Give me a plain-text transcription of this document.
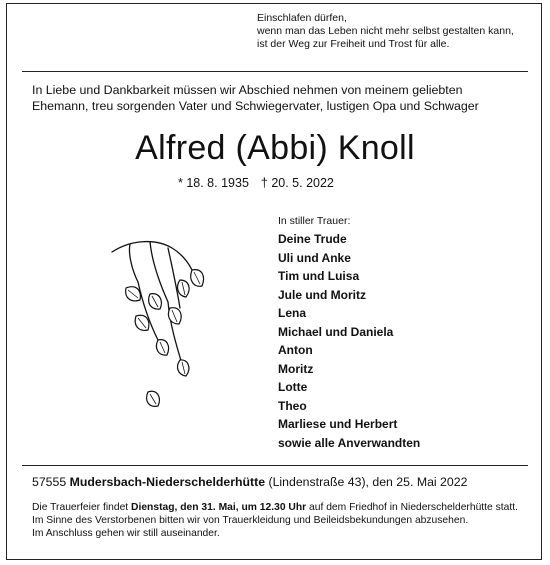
Einschlafen dürfen,
wenn man das Leben nicht mehr selbst gestalten kann,
ist der Weg zur Freiheit und Trost für alle.
In Liebe und Dankbarkeit müssen wir Abschied nehmen von meinem geliebten
Ehemann, treu sorgenden Vater und Schwiegervater, lustigen Opa und Schwager
Alfred (Abbi) Knoll
* 18. 8. 1935 † 20. 5. 2022
In stiller Trauer:
Deine Trude
Uli und Anke
Tim und Luisa
Jule und Moritz
Lena
Michael und Daniela
Anton
Moritz
Lotte
Theo
Marliese und Herbert
sowie alle Anverwandten
57555 Mudersbach-Niederschelderhütte (Lindenstraße 43), den 25. Mai 2022
Die Trauerfeier findet Dienstag, den 31. Mai, um 12.30 Uhr auf dem Friedhof in Niederschelderhütte statt.
Im Sinne des Verstorbenen bitten wir von Trauerkleidung und Beileidsbekundungen abzusehen.
Im Anschluss gehen wir still auseinander.
